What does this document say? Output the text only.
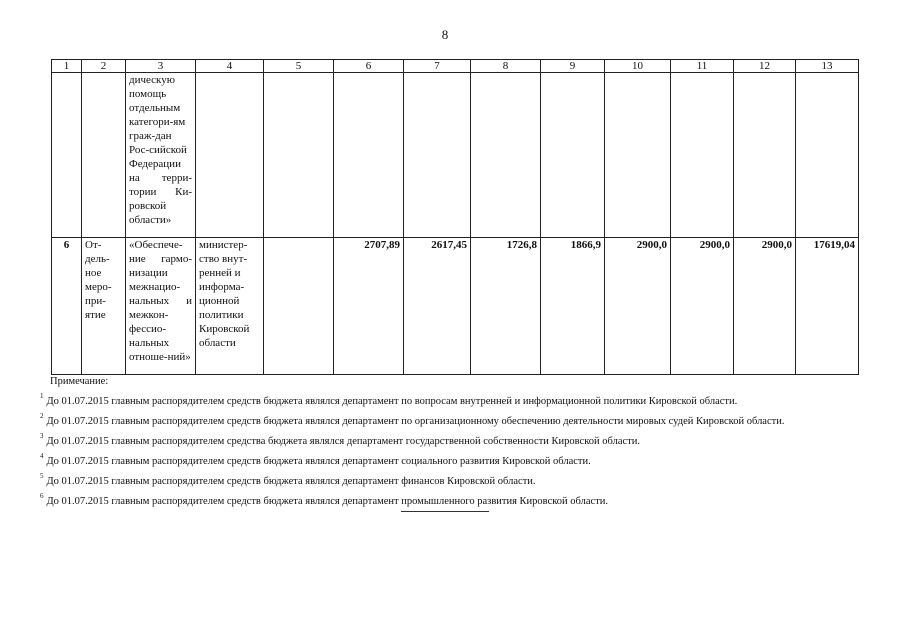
8
1	2	3	4	5	6	7	8	9	10	11	12	13
		дическую помощь отдельным категори-ям граж-дан Рос-сийской Федерации на терри-тории Ки-ровской области»										
6	От-дель-ное меро-при-ятие	«Обеспече-ние гармо-низации межнацио-нальных и межкон-фессио-нальных отноше-ний»	министер-ство внут-ренней и информа-ционной политики Кировской области		2707,89	2617,45	1726,8	1866,9	2900,0	2900,0	2900,0	17619,04
Примечание:
$^1$ До 01.07.2015 главным распорядителем средств бюджета являлся департамент по вопросам внутренней и информационной политики Кировской области.
$^2$ До 01.07.2015 главным распорядителем средств бюджета являлся департамент по организационному обеспечению деятельности мировых судей Кировской области.
$^3$ До 01.07.2015 главным распорядителем средства бюджета являлся департамент государственной собственности Кировской области.
$^4$ До 01.07.2015 главным распорядителем средств бюджета являлся департамент социального развития Кировской области.
$^5$ До 01.07.2015 главным распорядителем средств бюджета являлся департамент финансов Кировской области.
$^6$ До 01.07.2015 главным распорядителем средств бюджета являлся департамент промышленного развития Кировской области.
